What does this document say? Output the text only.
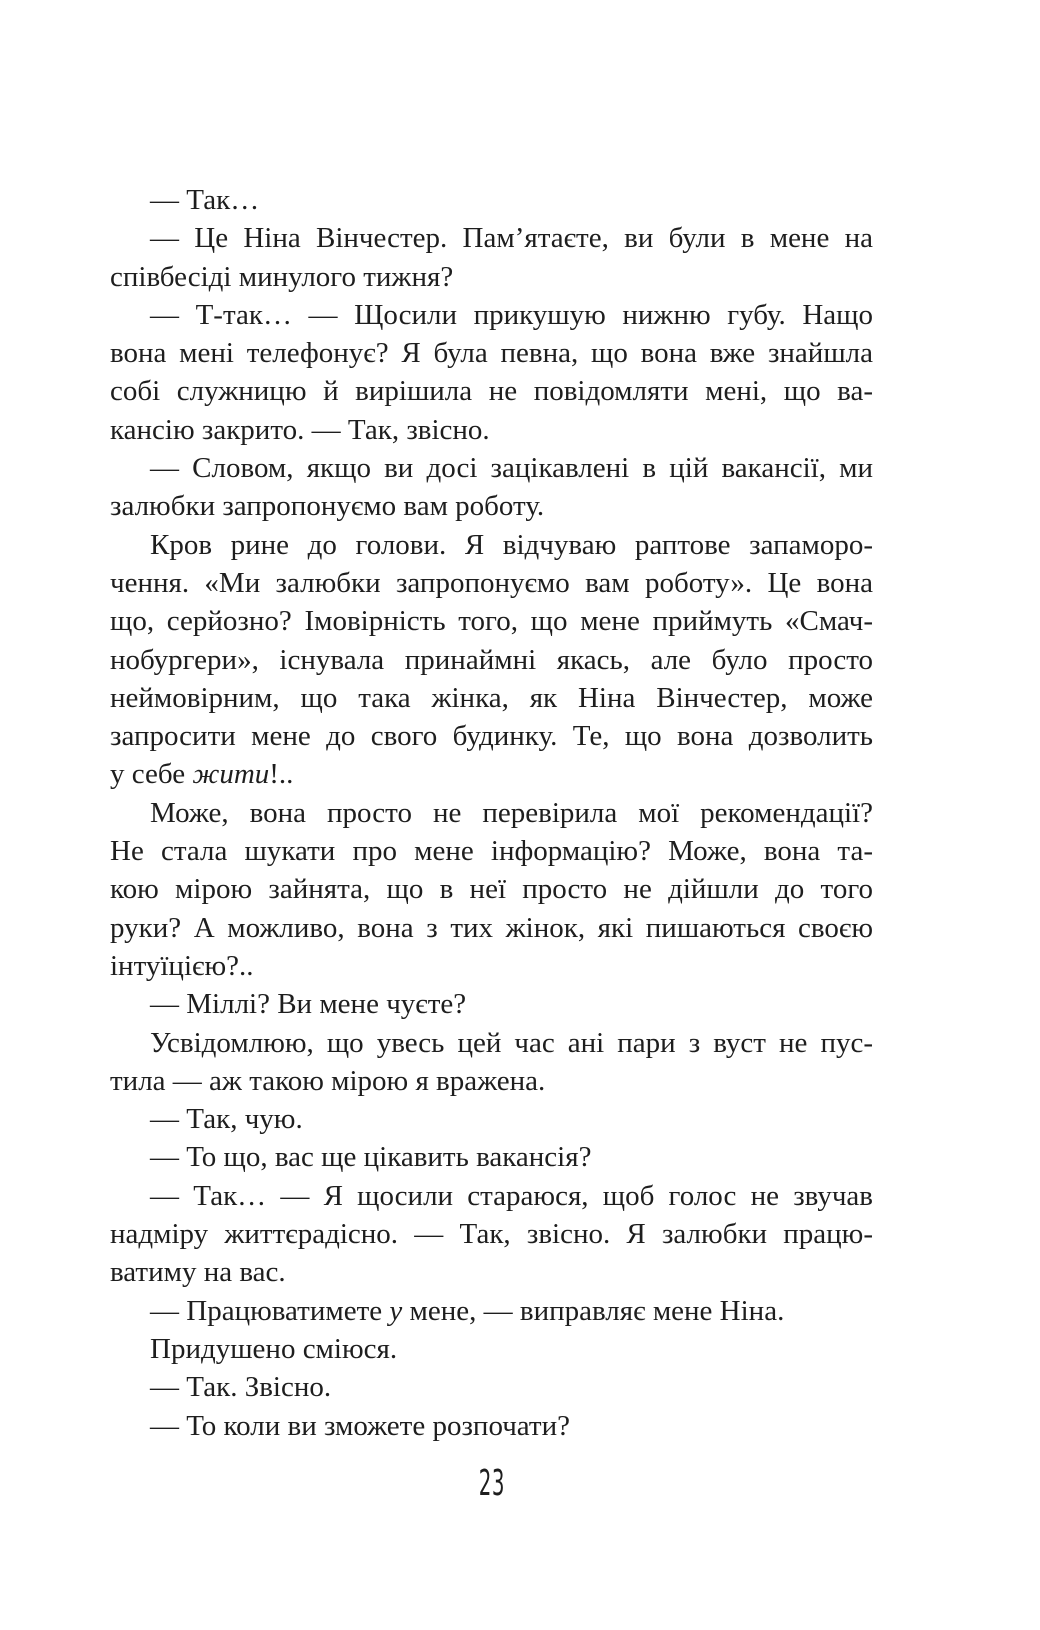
— Так…
— Це Ніна Вінчестер. Пам’ятаєте, ви були в мене на
співбесіді минулого тижня?
— Т-так… — Щосили прикушую нижню губу. Нащо
вона мені телефонує? Я була певна, що вона вже знайшла
собі служницю й вирішила не повідомляти мені, що ва-
кансію закрито. — Так, звісно.
— Словом, якщо ви досі зацікавлені в цій вакансії, ми
залюбки запропонуємо вам роботу.
Кров рине до голови. Я відчуваю раптове запаморо-
чення. «Ми залюбки запропонуємо вам роботу». Це вона
що, серйозно? Імовірність того, що мене приймуть «Смач-
нобургери», існувала принаймні якась, але було просто
неймовірним, що така жінка, як Ніна Вінчестер, може
запросити мене до свого будинку. Те, що вона дозволить
у себе жити!..
Може, вона просто не перевірила мої рекомендації?
Не стала шукати про мене інформацію? Може, вона та-
кою мірою зайнята, що в неї просто не дійшли до того
руки? А можливо, вона з тих жінок, які пишаються своєю
інтуїцією?..
— Міллі? Ви мене чуєте?
Усвідомлюю, що увесь цей час ані пари з вуст не пус-
тила — аж такою мірою я вражена.
— Так, чую.
— То що, вас ще цікавить вакансія?
— Так… — Я щосили стараюся, щоб голос не звучав
надміру життєрадісно. — Так, звісно. Я залюбки працю-
ватиму на вас.
— Працюватимете у мене, — виправляє мене Ніна.
Придушено сміюся.
— Так. Звісно.
— То коли ви зможете розпочати?
23
